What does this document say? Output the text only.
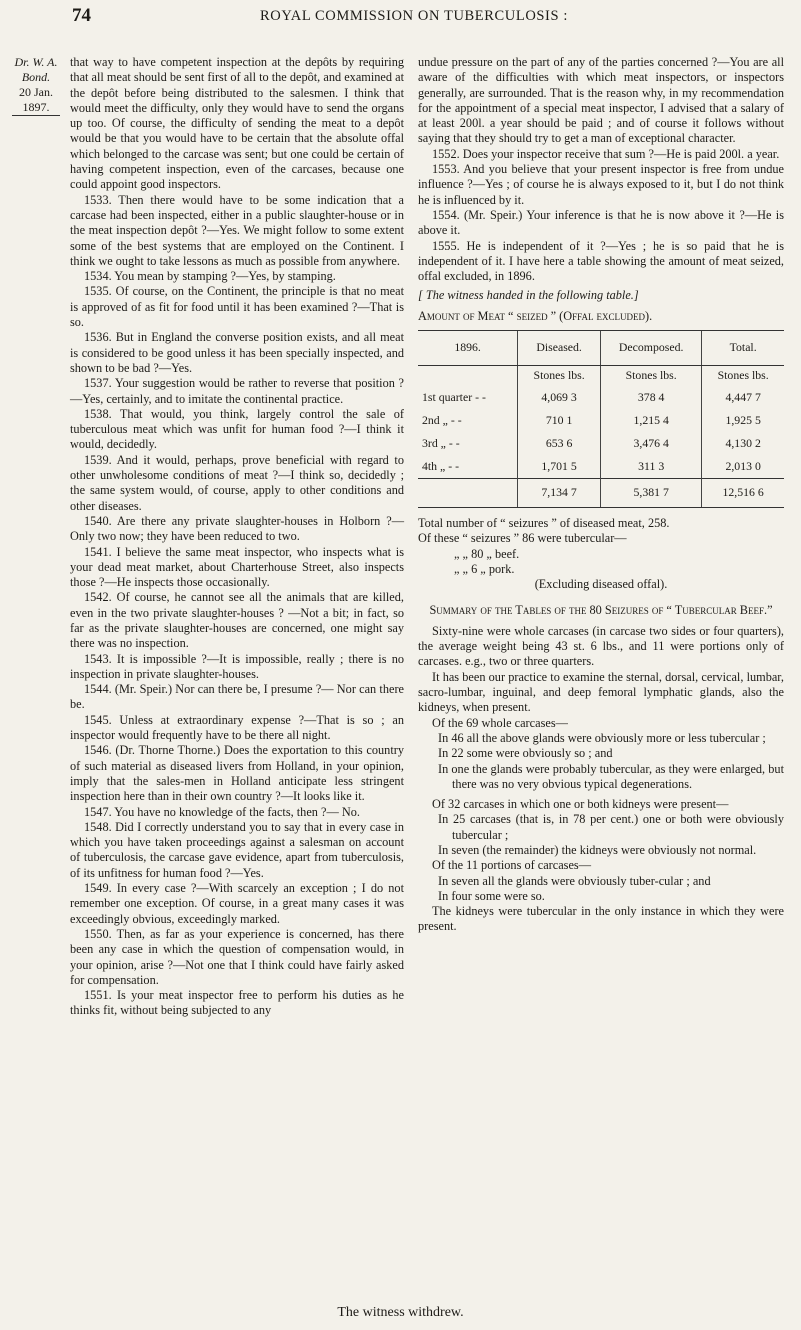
74	ROYAL COMMISSION ON TUBERCULOSIS :
Dr. W. A. Bond.
20 Jan. 1897.

that way to have competent inspection at the depôts by requiring that all meat should be sent first of all to the depôt, and examined at the depôt before being distributed to the salesmen. I think that would meet the difficulty, only they would have to send the organs up too. Of course, the difficulty of sending the meat to a depôt would be that you would have to be certain that the absolute offal which belonged to the carcase was sent; but one could be certain of having competent inspection, even of the carcases, because one could appoint good inspectors.

1533. Then there would have to be some indication that a carcase had been inspected, either in a public slaughter-house or in the meat inspection depôt ?—Yes. We might follow to some extent some of the best systems that are employed on the Continent. I think we ought to take lessons as much as possible from anywhere.

1534. You mean by stamping ?—Yes, by stamping.

1535. Of course, on the Continent, the principle is that no meat is approved of as fit for food until it has been examined ?—That is so.

1536. But in England the converse position exists, and all meat is considered to be good unless it has been specially inspected, and shown to be bad ?—Yes.

1537. Your suggestion would be rather to reverse that position ?—Yes, certainly, and to imitate the continental practice.

1538. That would, you think, largely control the sale of tuberculous meat which was unfit for human food ?—I think it would, decidedly.

1539. And it would, perhaps, prove beneficial with regard to other unwholesome conditions of meat ?—I think so, decidedly ; the same system would, of course, apply to other conditions and other diseases.

1540. Are there any private slaughter-houses in Holborn ?—Only two now; they have been reduced to two.

1541. I believe the same meat inspector, who inspects what is your dead meat market, about Charterhouse Street, also inspects those ?—He inspects those occasionally.

1542. Of course, he cannot see all the animals that are killed, even in the two private slaughter-houses ? —Not a bit; in fact, so far as the private slaughter-houses are concerned, one might say there was no inspection.

1543. It is impossible ?—It is impossible, really ; there is no inspection in private slaughter-houses.

1544. (Mr. Speir.) Nor can there be, I presume ?— Nor can there be.

1545. Unless at extraordinary expense ?—That is so ; an inspector would frequently have to be there all night.

1546. (Dr. Thorne Thorne.) Does the exportation to this country of such material as diseased livers from Holland, in your opinion, imply that the sales-men in Holland anticipate less stringent inspection here than in their own country ?—It looks like it.

1547. You have no knowledge of the facts, then ?— No.

1548. Did I correctly understand you to say that in every case in which you have taken proceedings against a salesman on account of tuberculosis, the carcase gave evidence, apart from tuberculosis, of its unfitness for human food ?—Yes.

1549. In every case ?—With scarcely an exception ; I do not remember one exception. Of course, in a great many cases it was exceedingly obvious, exceedingly marked.

1550. Then, as far as your experience is concerned, has there been any case in which the question of compensation would, in your opinion, arise ?—Not one that I think could have fairly asked for compensation.

1551. Is your meat inspector free to perform his duties as he thinks fit, without being subjected to any

undue pressure on the part of any of the parties concerned ?—You are all aware of the difficulties with which meat inspectors, or inspectors generally, are surrounded. That is the reason why, in my recommendation for the appointment of a special meat inspector, I advised that a salary of at least 200l. a year should be paid ; and of course it follows without saying that they should try to get a man of exceptional character.

1552. Does your inspector receive that sum ?—He is paid 200l. a year.

1553. And you believe that your present inspector is free from undue influence ?—Yes ; of course he is always exposed to it, but I do not think he is influenced by it.

1554. (Mr. Speir.) Your inference is that he is now above it ?—He is above it.

1555. He is independent of it ?—Yes ; he is so paid that he is independent of it. I have here a table showing the amount of meat seized, offal excluded, in 1896.

[ The witness handed in the following table.]

Amount of Meat “ seized ” (Offal excluded).

1896.	Diseased.	Decomposed.	Total.
	Stones lbs.	Stones lbs.	Stones lbs.
1st quarter - -	4,069 3	378 4	4,447 7
2nd „ - -	710 1	1,215 4	1,925 5
3rd „ - -	653 6	3,476 4	4,130 2
4th „ - -	1,701 5	311 3	2,013 0
	7,134 7	5,381 7	12,516 6

Total number of “ seizures ” of diseased meat, 258.

Of these “ seizures ” 86 were tubercular—

„ „ 80 „ beef.

„ „ 6 „ pork.

(Excluding diseased offal).

Summary of the Tables of the 80 Seizures of “ Tubercular Beef.”

Sixty-nine were whole carcases (in carcase two sides or four quarters), the average weight being 43 st. 6 lbs., and 11 were portions only of carcases. e.g., two or three quarters.

It has been our practice to examine the sternal, dorsal, cervical, lumbar, sacro-lumbar, inguinal, and deep femoral lymphatic glands, also the kidneys, when present.

Of the 69 whole carcases—

In 46 all the above glands were obviously more or less tubercular ;

In 22 some were obviously so ; and

In one the glands were probably tubercular, as they were enlarged, but there was no very obvious typical degenerations.

Of 32 carcases in which one or both kidneys were present—

In 25 carcases (that is, in 78 per cent.) one or both were obviously tubercular ;

In seven (the remainder) the kidneys were obviously not normal.

Of the 11 portions of carcases—

In seven all the glands were obviously tuber-cular ; and

In four some were so.

The kidneys were tubercular in the only instance in which they were present.

The witness withdrew.
